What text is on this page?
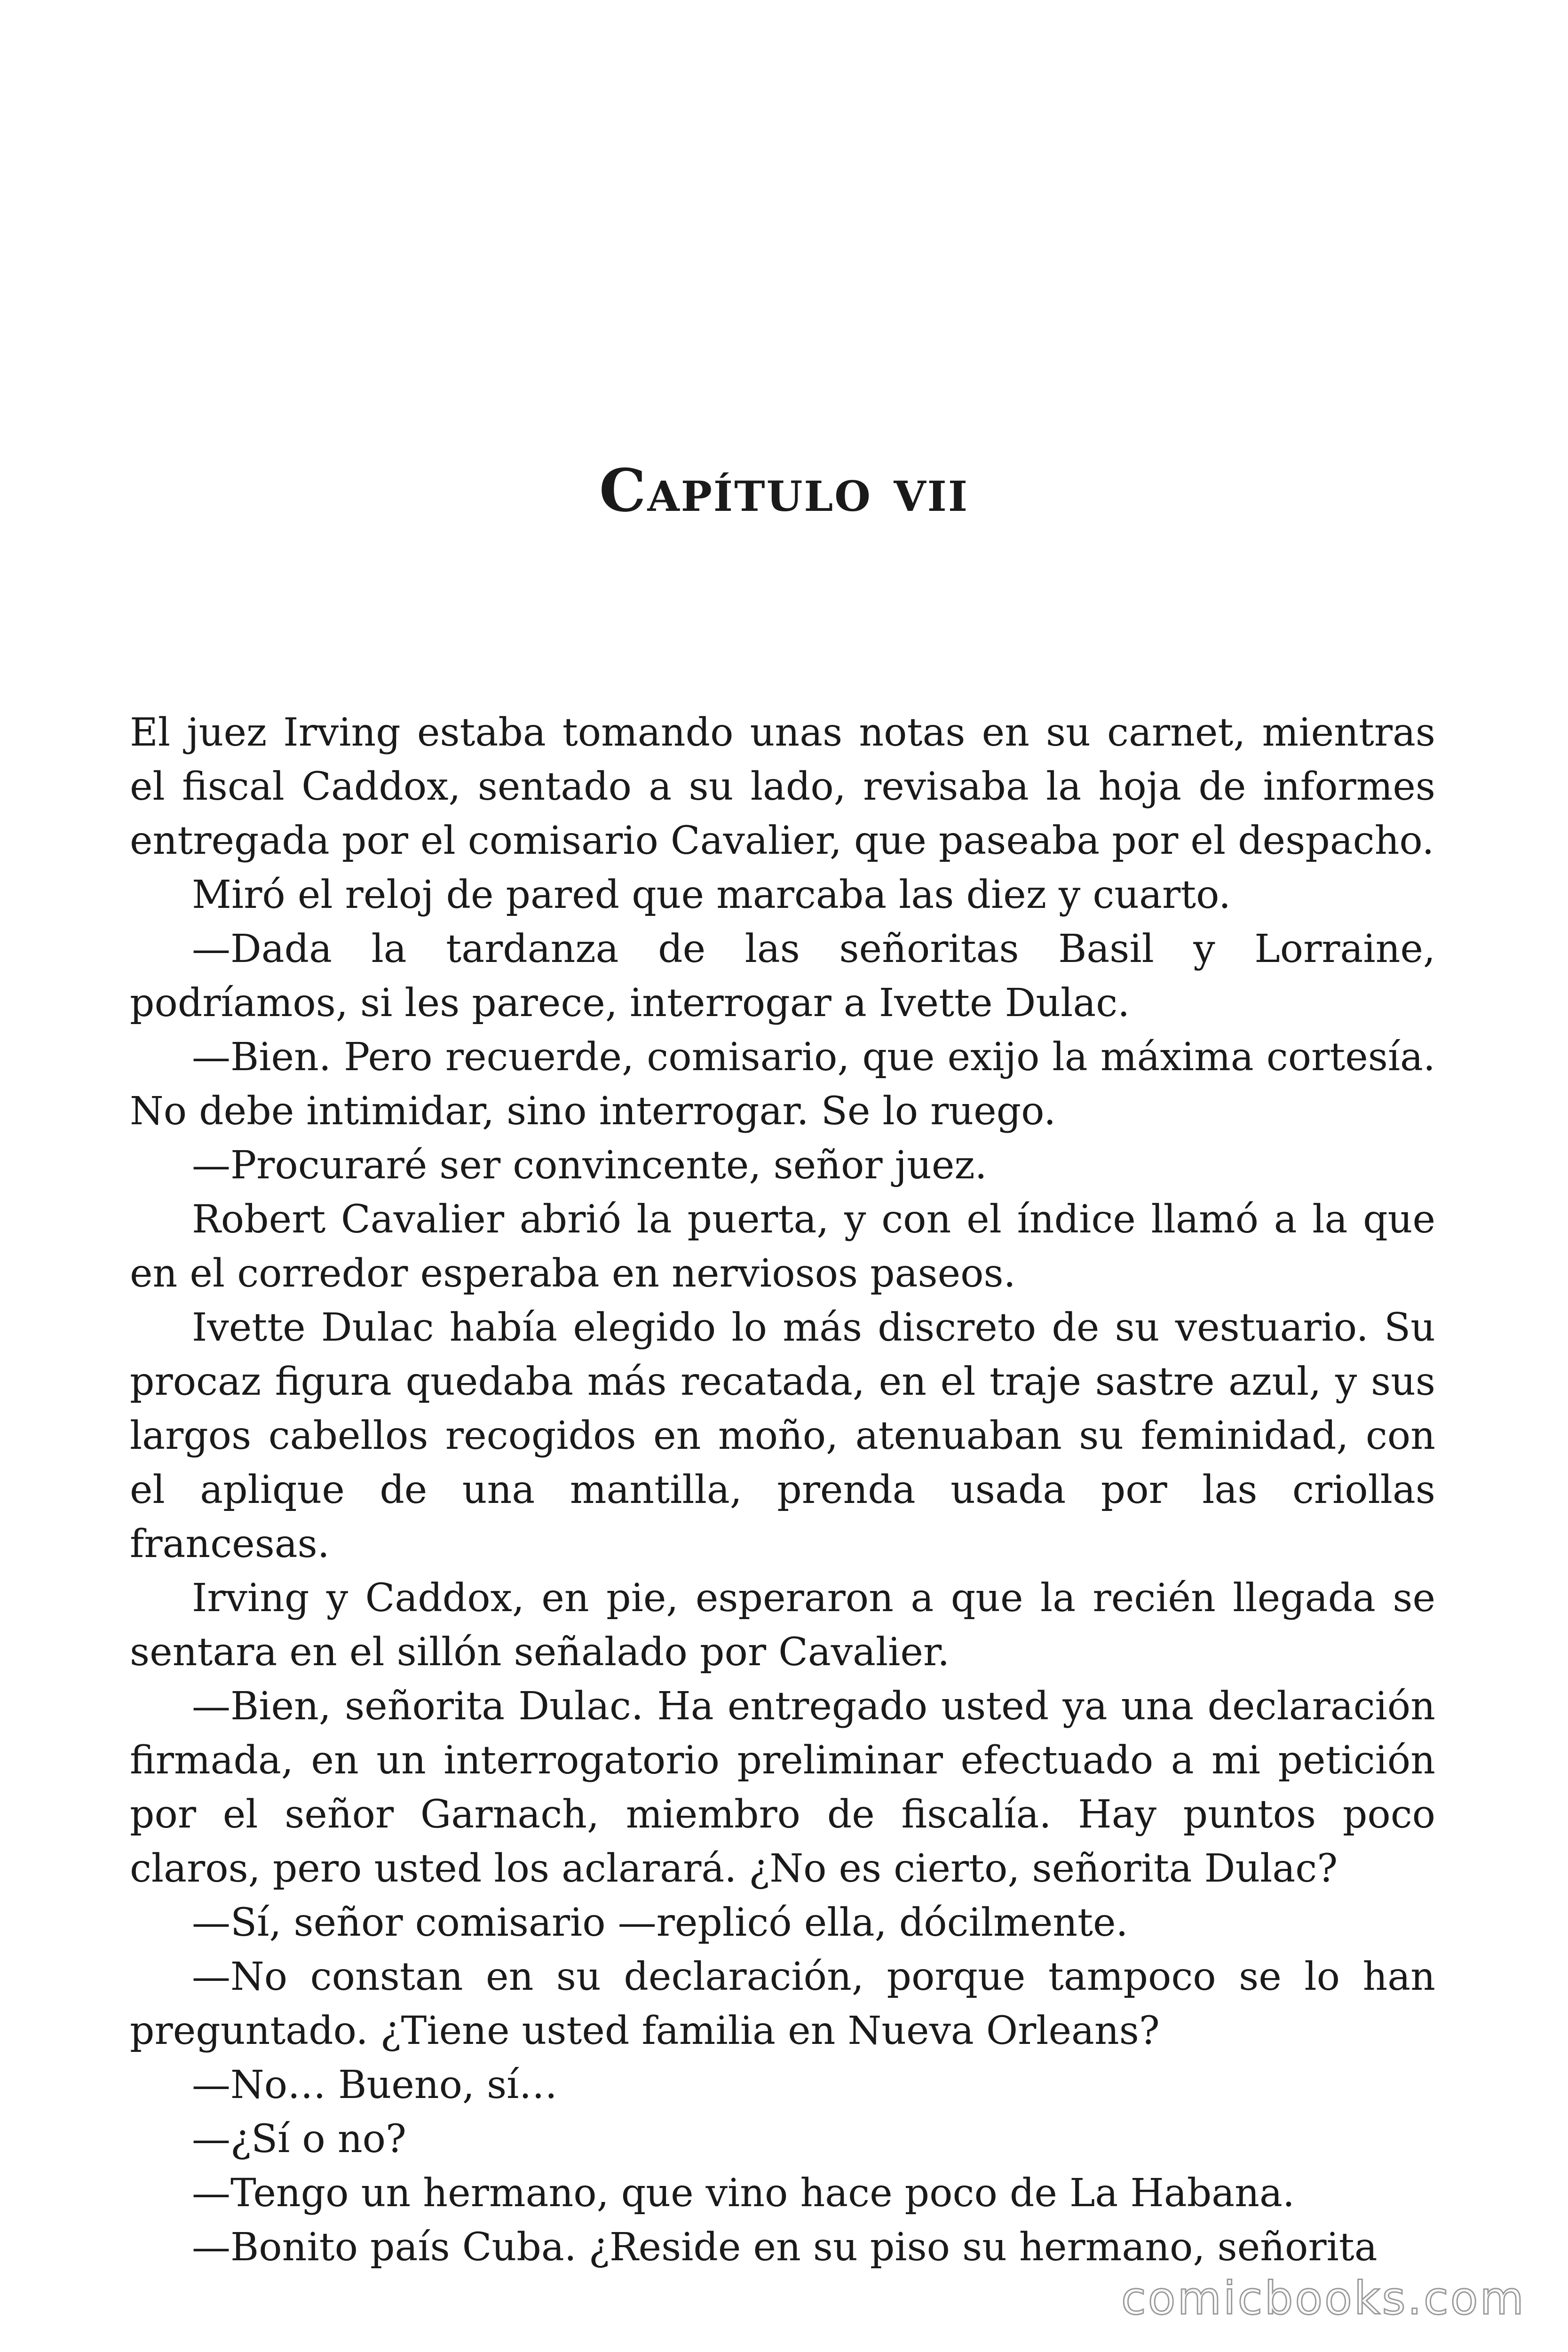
Capítulo vii

El juez Irving estaba tomando unas notas en su carnet, mientras el fiscal Caddox, sentado a su lado, revisaba la hoja de informes entregada por el comisario Cavalier, que paseaba por el despacho.

Miró el reloj de pared que marcaba las diez y cuarto.

—Dada la tardanza de las señoritas Basil y Lorraine, podríamos, si les parece, interrogar a Ivette Dulac.

—Bien. Pero recuerde, comisario, que exijo la máxima cortesía. No debe intimidar, sino interrogar. Se lo ruego.

—Procuraré ser convincente, señor juez.

Robert Cavalier abrió la puerta, y con el índice llamó a la que en el corredor esperaba en nerviosos paseos.

Ivette Dulac había elegido lo más discreto de su vestuario. Su procaz figura quedaba más recatada, en el traje sastre azul, y sus largos cabellos recogidos en moño, atenuaban su feminidad, con el aplique de una mantilla, prenda usada por las criollas francesas.

Irving y Caddox, en pie, esperaron a que la recién llegada se sentara en el sillón señalado por Cavalier.

—Bien, señorita Dulac. Ha entregado usted ya una declaración firmada, en un interrogatorio preliminar efectuado a mi petición por el señor Garnach, miembro de fiscalía. Hay puntos poco claros, pero usted los aclarará. ¿No es cierto, señorita Dulac?

—Sí, señor comisario —replicó ella, dócilmente.

—No constan en su declaración, porque tampoco se lo han preguntado. ¿Tiene usted familia en Nueva Orleans?

—No… Bueno, sí…

—¿Sí o no?

—Tengo un hermano, que vino hace poco de La Habana.

—Bonito país Cuba. ¿Reside en su piso su hermano, señorita

comicbooks.com
